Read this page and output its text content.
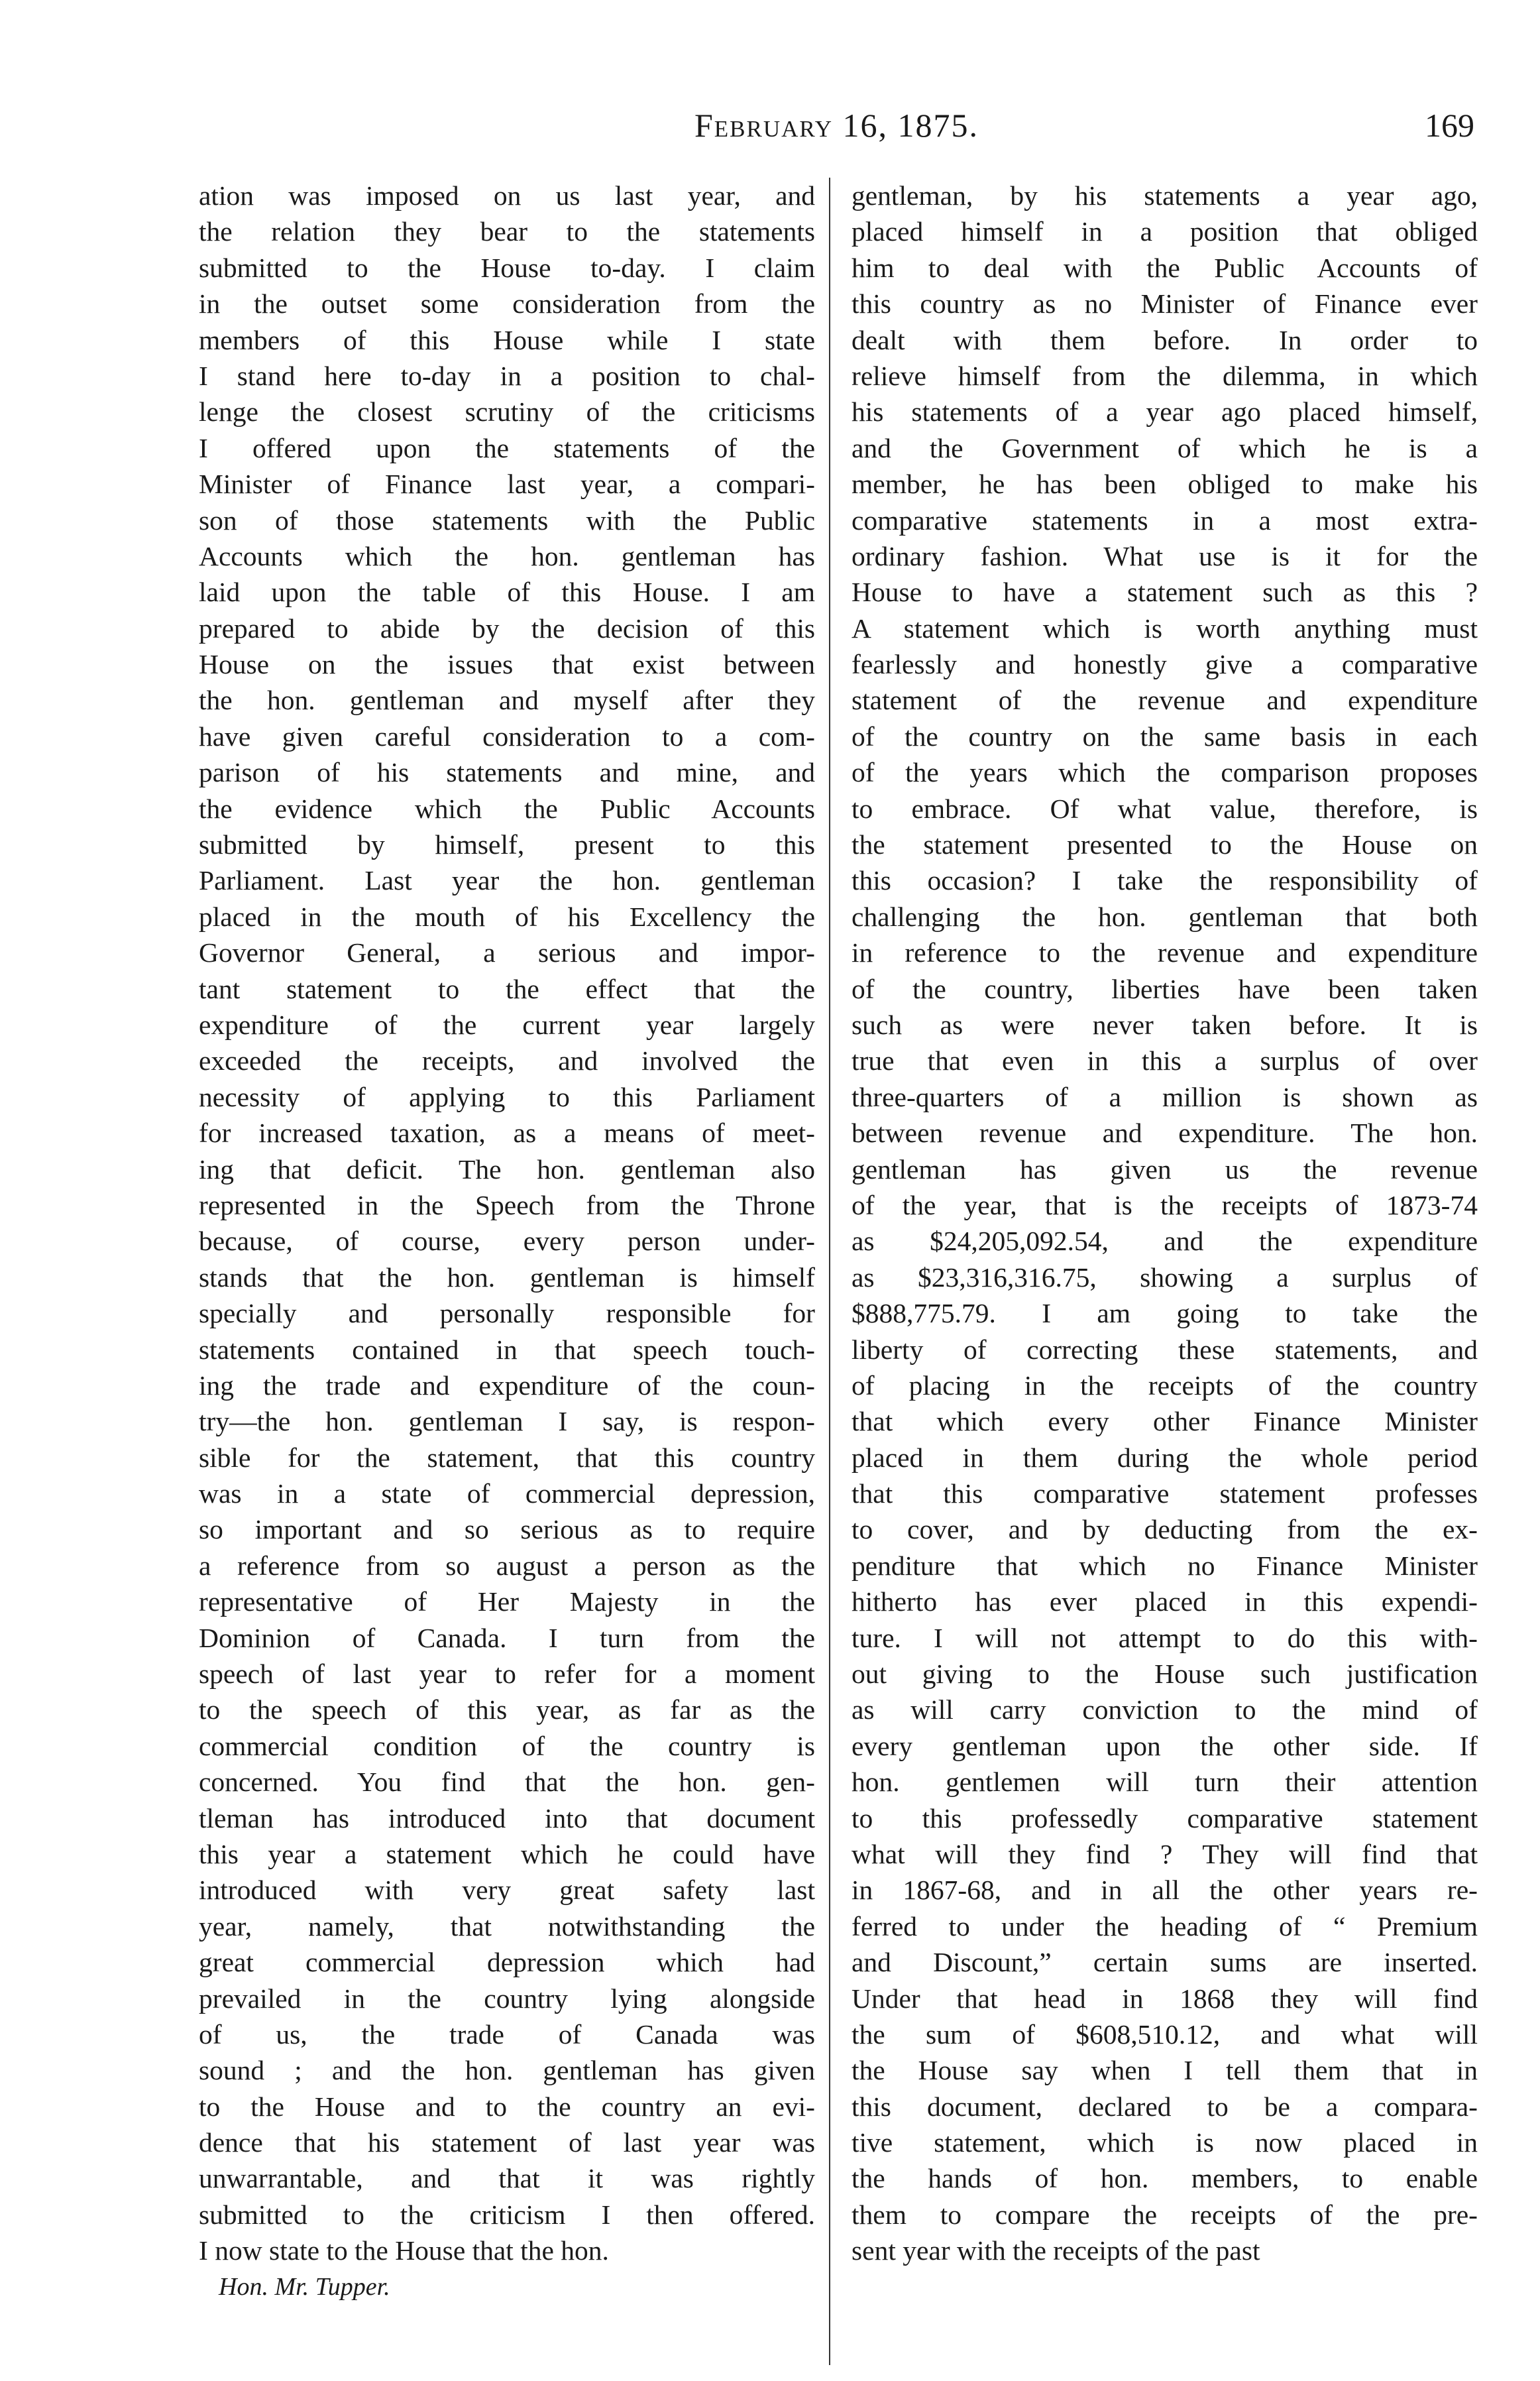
February 16, 1875.	169
ation was imposed on us last year, and
the relation they bear to the statements
submitted to the House to-day. I claim
in the outset some consideration from the
members of this House while I state
I stand here to-day in a position to chal-
lenge the closest scrutiny of the criticisms
I offered upon the statements of the
Minister of Finance last year, a compari-
son of those statements with the Public
Accounts which the hon. gentleman has
laid upon the table of this House. I am
prepared to abide by the decision of this
House on the issues that exist between
the hon. gentleman and myself after they
have given careful consideration to a com-
parison of his statements and mine, and
the evidence which the Public Accounts
submitted by himself, present to this
Parliament. Last year the hon. gentleman
placed in the mouth of his Excellency the
Governor General, a serious and impor-
tant statement to the effect that the
expenditure of the current year largely
exceeded the receipts, and involved the
necessity of applying to this Parliament
for increased taxation, as a means of meet-
ing that deficit. The hon. gentleman also
represented in the Speech from the Throne
because, of course, every person under-
stands that the hon. gentleman is himself
specially and personally responsible for
statements contained in that speech touch-
ing the trade and expenditure of the coun-
try—the hon. gentleman I say, is respon-
sible for the statement, that this country
was in a state of commercial depression,
so important and so serious as to require
a reference from so august a person as the
representative of Her Majesty in the
Dominion of Canada. I turn from the
speech of last year to refer for a moment
to the speech of this year, as far as the
commercial condition of the country is
concerned. You find that the hon. gen-
tleman has introduced into that document
this year a statement which he could have
introduced with very great safety last
year, namely, that notwithstanding the
great commercial depression which had
prevailed in the country lying alongside
of us, the trade of Canada was
sound ; and the hon. gentleman has given
to the House and to the country an evi-
dence that his statement of last year was
unwarrantable, and that it was rightly
submitted to the criticism I then offered.
I now state to the House that the hon.
gentleman, by his statements a year ago,
placed himself in a position that obliged
him to deal with the Public Accounts of
this country as no Minister of Finance ever
dealt with them before. In order to
relieve himself from the dilemma, in which
his statements of a year ago placed himself,
and the Government of which he is a
member, he has been obliged to make his
comparative statements in a most extra-
ordinary fashion. What use is it for the
House to have a statement such as this ?
A statement which is worth anything must
fearlessly and honestly give a comparative
statement of the revenue and expenditure
of the country on the same basis in each
of the years which the comparison proposes
to embrace. Of what value, therefore, is
the statement presented to the House on
this occasion? I take the responsibility of
challenging the hon. gentleman that both
in reference to the revenue and expenditure
of the country, liberties have been taken
such as were never taken before. It is
true that even in this a surplus of over
three-quarters of a million is shown as
between revenue and expenditure. The hon.
gentleman has given us the revenue
of the year, that is the receipts of 1873-74
as $24,205,092.54, and the expenditure
as $23,316,316.75, showing a surplus of
$888,775.79. I am going to take the
liberty of correcting these statements, and
of placing in the receipts of the country
that which every other Finance Minister
placed in them during the whole period
that this comparative statement professes
to cover, and by deducting from the ex-
penditure that which no Finance Minister
hitherto has ever placed in this expendi-
ture. I will not attempt to do this with-
out giving to the House such justification
as will carry conviction to the mind of
every gentleman upon the other side. If
hon. gentlemen will turn their attention
to this professedly comparative statement
what will they find ? They will find that
in 1867-68, and in all the other years re-
ferred to under the heading of “ Premium
and Discount,” certain sums are inserted.
Under that head in 1868 they will find
the sum of $608,510.12, and what will
the House say when I tell them that in
this document, declared to be a compara-
tive statement, which is now placed in
the hands of hon. members, to enable
them to compare the receipts of the pre-
sent year with the receipts of the past
Hon. Mr. Tupper.
